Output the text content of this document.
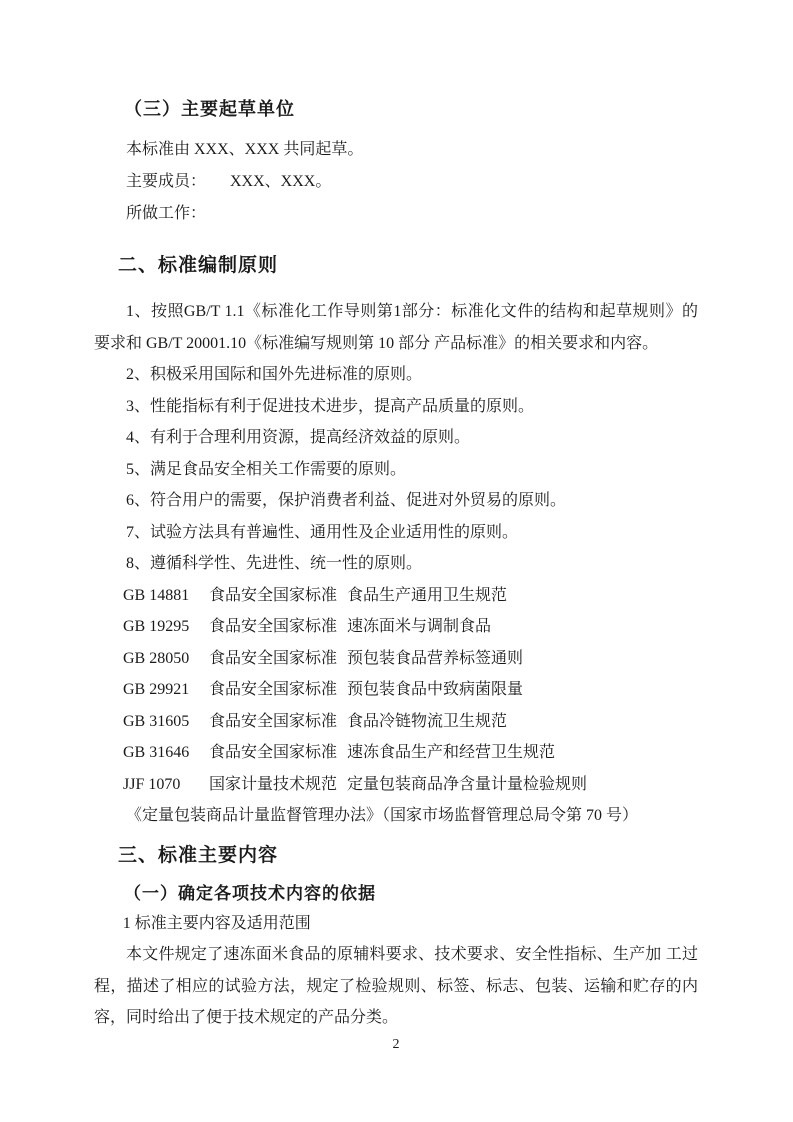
（三）主要起草单位

本标准由 XXX、XXX 共同起草。

主要成员：　　XXX、XXX。

所做工作：

二、标准编制原则

1、按照GB/T 1.1《标准化工作导则第1部分：标准化文件的结构和起草规则》的要求和 GB/T 20001.10《标准编写规则第 10 部分 产品标准》的相关要求和内容。

2、积极采用国际和国外先进标准的原则。

3、性能指标有利于促进技术进步，提高产品质量的原则。

4、有利于合理利用资源，提高经济效益的原则。

5、满足食品安全相关工作需要的原则。

6、符合用户的需要，保护消费者利益、促进对外贸易的原则。

7、试验方法具有普遍性、通用性及企业适用性的原则。

8、遵循科学性、先进性、统一性的原则。

GB 14881	食品安全国家标准 食品生产通用卫生规范
GB 19295	食品安全国家标准 速冻面米与调制食品
GB 28050	食品安全国家标准 预包装食品营养标签通则
GB 29921	食品安全国家标准 预包装食品中致病菌限量
GB 31605	食品安全国家标准 食品冷链物流卫生规范
GB 31646	食品安全国家标准 速冻食品生产和经营卫生规范
JJF 1070	国家计量技术规范 定量包装商品净含量计量检验规则

《定量包装商品计量监督管理办法》（国家市场监督管理总局令第 70 号）

三、标准主要内容
（一）确定各项技术内容的依据

1 标准主要内容及适用范围

本文件规定了速冻面米食品的原辅料要求、技术要求、安全性指标、生产加 工过程，描述了相应的试验方法，规定了检验规则、标签、标志、包装、运输和贮存的内容，同时给出了便于技术规定的产品分类。

2
